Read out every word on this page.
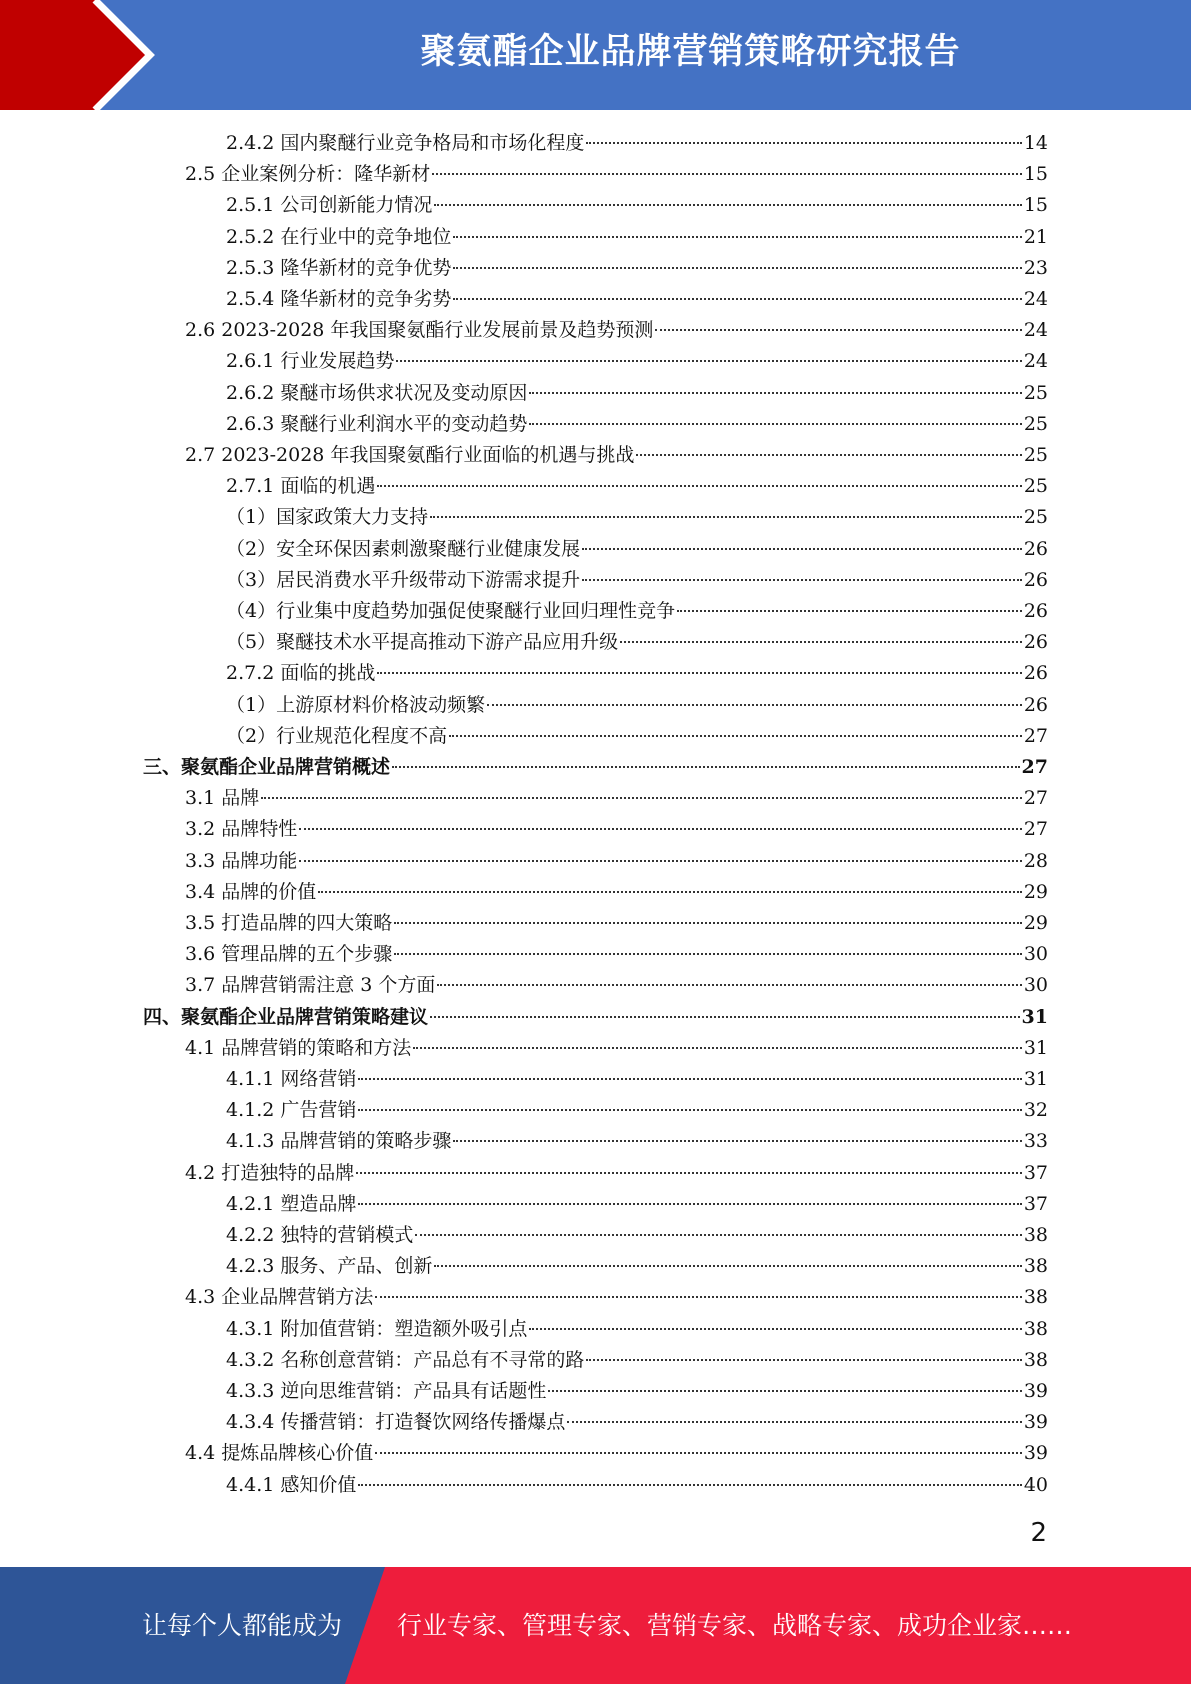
聚氨酯企业品牌营销策略研究报告
2.4.2 国内聚醚行业竞争格局和市场化程度	14
2.5 企业案例分析：隆华新材	15
2.5.1 公司创新能力情况	15
2.5.2 在行业中的竞争地位	21
2.5.3 隆华新材的竞争优势	23
2.5.4 隆华新材的竞争劣势	24
2.6 2023-2028 年我国聚氨酯行业发展前景及趋势预测	24
2.6.1 行业发展趋势	24
2.6.2 聚醚市场供求状况及变动原因	25
2.6.3 聚醚行业利润水平的变动趋势	25
2.7 2023-2028 年我国聚氨酯行业面临的机遇与挑战	25
2.7.1 面临的机遇	25
（1）国家政策大力支持	25
（2）安全环保因素刺激聚醚行业健康发展	26
（3）居民消费水平升级带动下游需求提升	26
（4）行业集中度趋势加强促使聚醚行业回归理性竞争	26
（5）聚醚技术水平提高推动下游产品应用升级	26
2.7.2 面临的挑战	26
（1）上游原材料价格波动频繁	26
（2）行业规范化程度不高	27
三、聚氨酯企业品牌营销概述	27
3.1 品牌	27
3.2 品牌特性	27
3.3 品牌功能	28
3.4 品牌的价值	29
3.5 打造品牌的四大策略	29
3.6 管理品牌的五个步骤	30
3.7 品牌营销需注意 3 个方面	30
四、聚氨酯企业品牌营销策略建议	31
4.1 品牌营销的策略和方法	31
4.1.1 网络营销	31
4.1.2 广告营销	32
4.1.3 品牌营销的策略步骤	33
4.2 打造独特的品牌	37
4.2.1 塑造品牌	37
4.2.2 独特的营销模式	38
4.2.3 服务、产品、创新	38
4.3 企业品牌营销方法	38
4.3.1 附加值营销：塑造额外吸引点	38
4.3.2 名称创意营销：产品总有不寻常的路	38
4.3.3 逆向思维营销：产品具有话题性	39
4.3.4 传播营销：打造餐饮网络传播爆点	39
4.4 提炼品牌核心价值	39
4.4.1 感知价值	40
2
让每个人都能成为 行业专家、管理专家、营销专家、战略专家、成功企业家……
